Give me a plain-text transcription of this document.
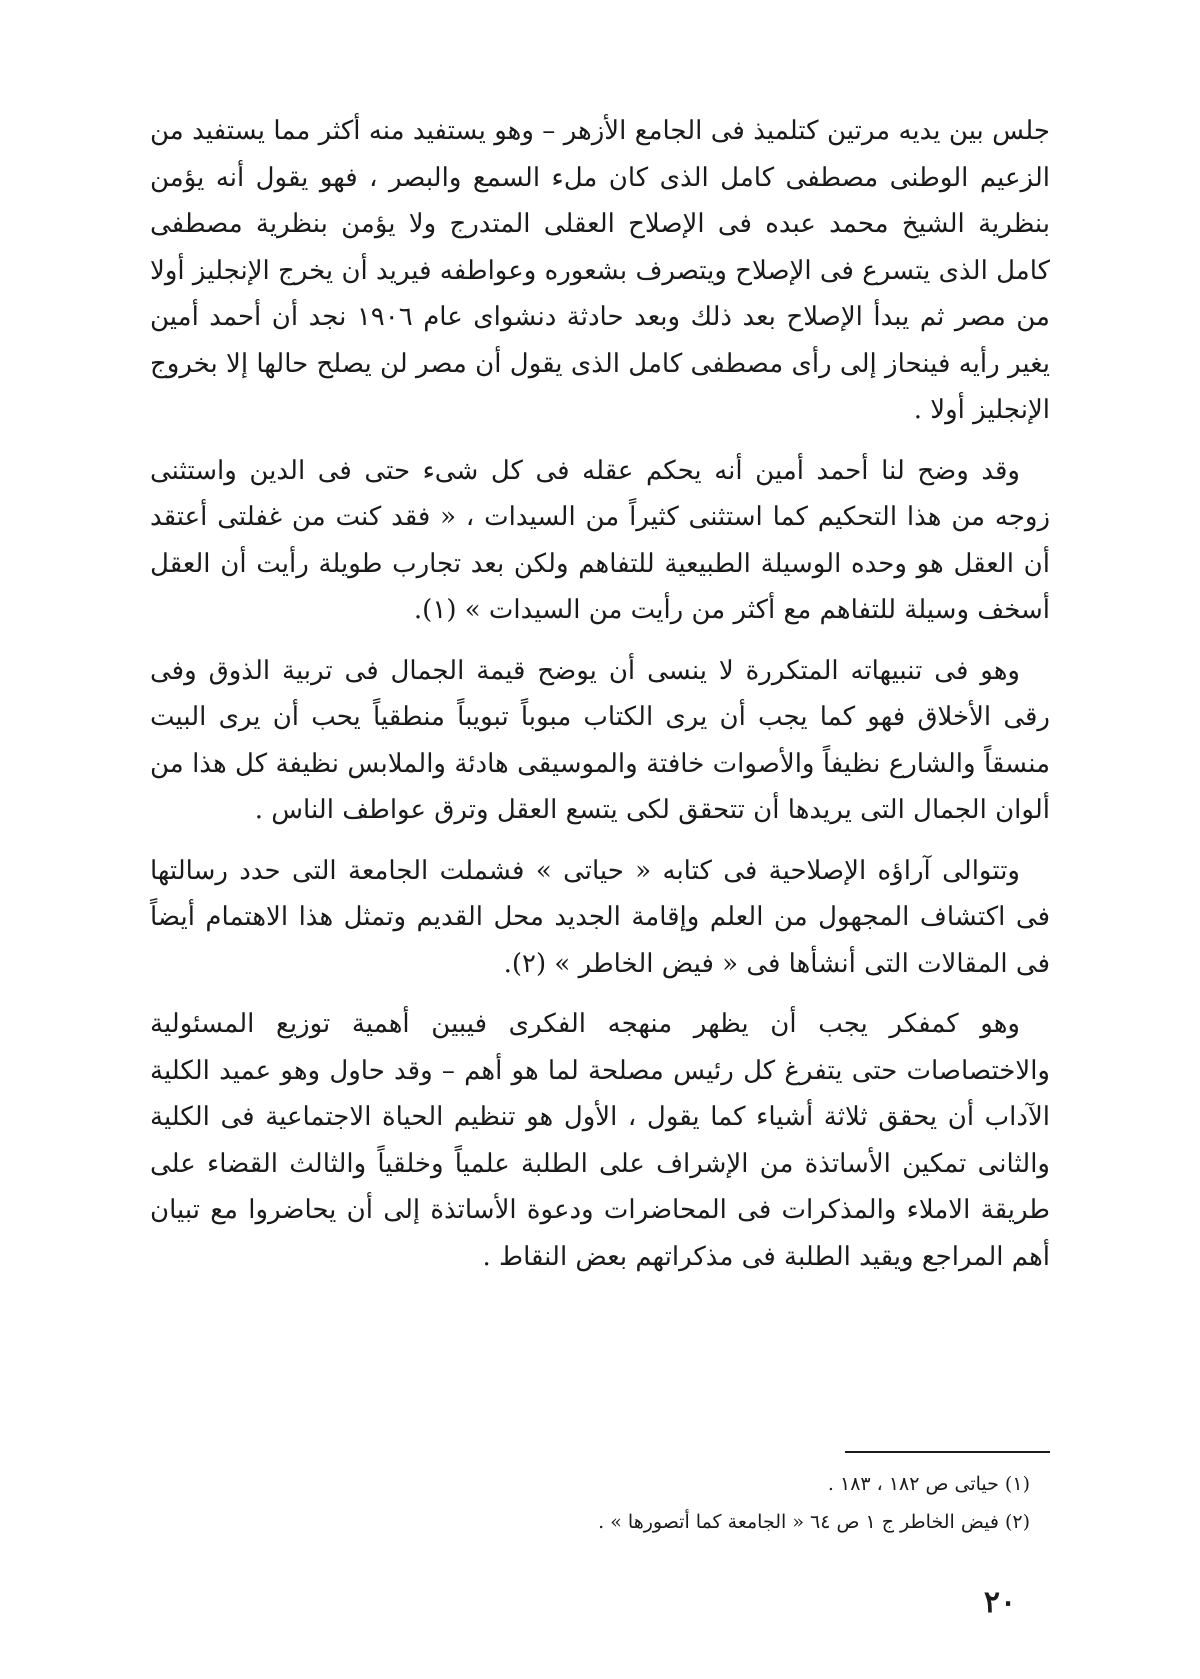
جلس بين يديه مرتين كتلميذ فى الجامع الأزهر – وهو يستفيد منه أكثر مما يستفيد من الزعيم الوطنى مصطفى كامل الذى كان ملء السمع والبصر ، فهو يقول أنه يؤمن بنظرية الشيخ محمد عبده فى الإصلاح العقلى المتدرج ولا يؤمن بنظرية مصطفى كامل الذى يتسرع فى الإصلاح ويتصرف بشعوره وعواطفه فيريد أن يخرج الإنجليز أولا من مصر ثم يبدأ الإصلاح بعد ذلك وبعد حادثة دنشواى عام ١٩٠٦ نجد أن أحمد أمين يغير رأيه فينحاز إلى رأى مصطفى كامل الذى يقول أن مصر لن يصلح حالها إلا بخروج الإنجليز أولا .

وقد وضح لنا أحمد أمين أنه يحكم عقله فى كل شىء حتى فى الدين واستثنى زوجه من هذا التحكيم كما استثنى كثيراً من السيدات ، « فقد كنت من غفلتى أعتقد أن العقل هو وحده الوسيلة الطبيعية للتفاهم ولكن بعد تجارب طويلة رأيت أن العقل أسخف وسيلة للتفاهم مع أكثر من رأيت من السيدات » (١).

وهو فى تنبيهاته المتكررة لا ينسى أن يوضح قيمة الجمال فى تربية الذوق وفى رقى الأخلاق فهو كما يجب أن يرى الكتاب مبوباً تبويباً منطقياً يحب أن يرى البيت منسقاً والشارع نظيفاً والأصوات خافتة والموسيقى هادئة والملابس نظيفة كل هذا من ألوان الجمال التى يريدها أن تتحقق لكى يتسع العقل وترق عواطف الناس .

وتتوالى آراؤه الإصلاحية فى كتابه « حياتى » فشملت الجامعة التى حدد رسالتها فى اكتشاف المجهول من العلم وإقامة الجديد محل القديم وتمثل هذا الاهتمام أيضاً فى المقالات التى أنشأها فى « فيض الخاطر » (٢).

وهو كمفكر يجب أن يظهر منهجه الفكرى فيبين أهمية توزيع المسئولية والاختصاصات حتى يتفرغ كل رئيس مصلحة لما هو أهم – وقد حاول وهو عميد الكلية الآداب أن يحقق ثلاثة أشياء كما يقول ، الأول هو تنظيم الحياة الاجتماعية فى الكلية والثانى تمكين الأساتذة من الإشراف على الطلبة علمياً وخلقياً والثالث القضاء على طريقة الاملاء والمذكرات فى المحاضرات ودعوة الأساتذة إلى أن يحاضروا مع تبيان أهم المراجع ويقيد الطلبة فى مذكراتهم بعض النقاط .

(١) حياتى ص ١٨٢ ، ١٨٣ .

(٢) فيض الخاطر ج ١ ص ٦٤ « الجامعة كما أتصورها » .

٢٠
